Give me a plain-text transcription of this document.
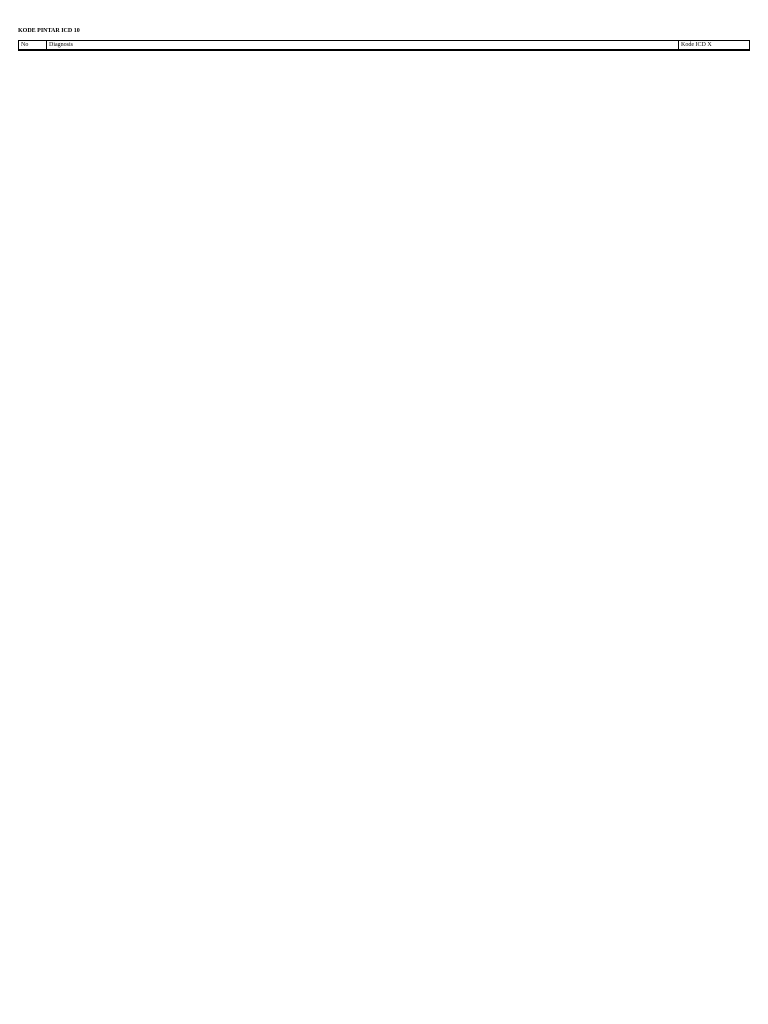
KODE PINTAR ICD 10
No	Diagnosis	Kode ICD X
